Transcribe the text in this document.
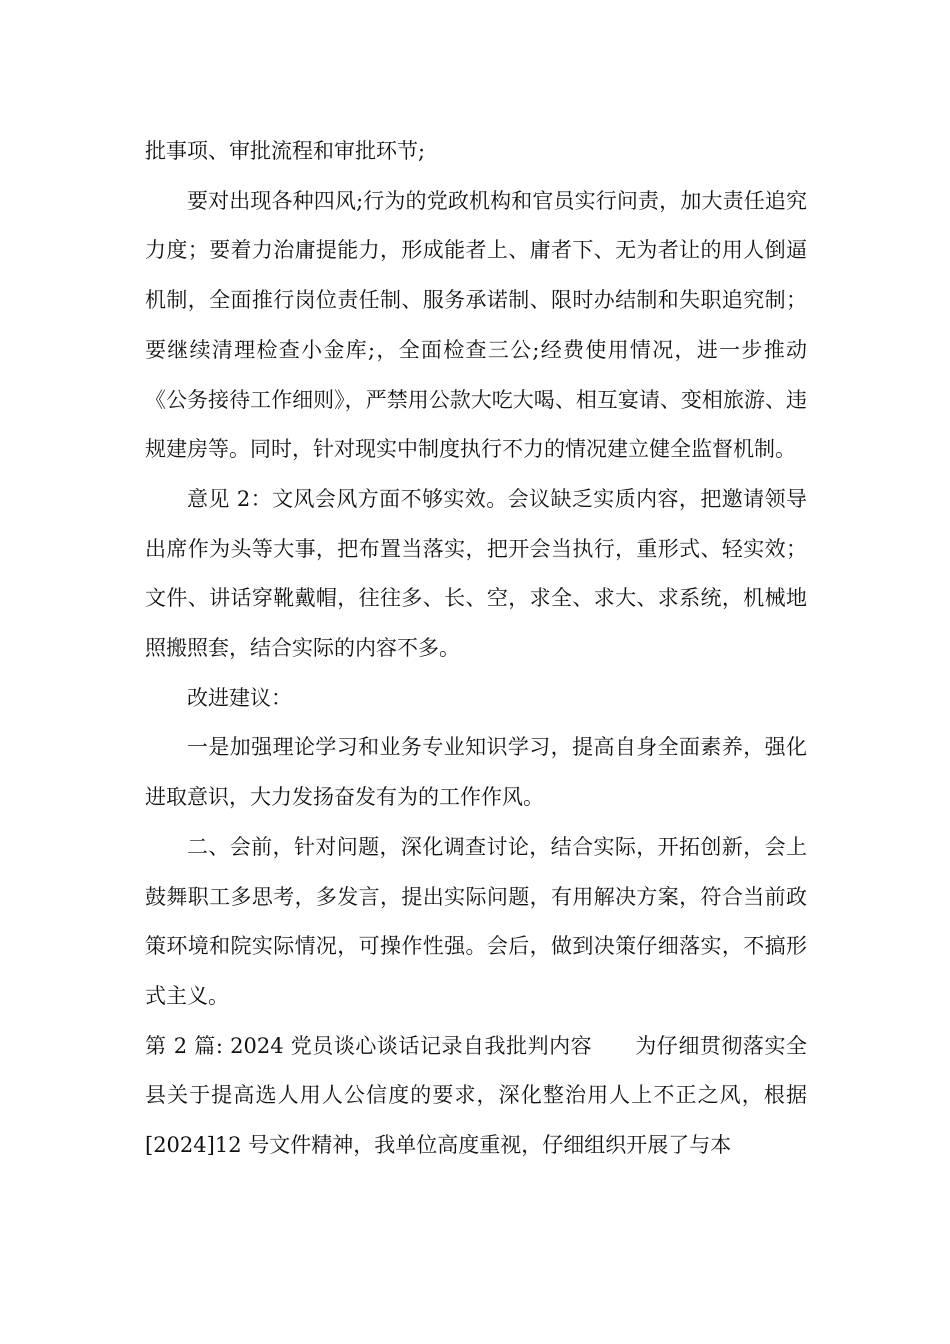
批事项、审批流程和审批环节;

要对出现各种四风;行为的党政机构和官员实行问责，加大责任追究力度；要着力治庸提能力，形成能者上、庸者下、无为者让的用人倒逼机制，全面推行岗位责任制、服务承诺制、限时办结制和失职追究制；要继续清理检查小金库;，全面检查三公;经费使用情况，进一步推动《公务接待工作细则》，严禁用公款大吃大喝、相互宴请、变相旅游、违规建房等。同时，针对现实中制度执行不力的情况建立健全监督机制。

意见 2：文风会风方面不够实效。会议缺乏实质内容，把邀请领导出席作为头等大事，把布置当落实，把开会当执行，重形式、轻实效；文件、讲话穿靴戴帽，往往多、长、空，求全、求大、求系统，机械地照搬照套，结合实际的内容不多。

改进建议：

一是加强理论学习和业务专业知识学习，提高自身全面素养，强化进取意识，大力发扬奋发有为的工作作风。

二、会前，针对问题，深化调查讨论，结合实际，开拓创新，会上鼓舞职工多思考，多发言，提出实际问题，有用解决方案，符合当前政策环境和院实际情况，可操作性强。会后，做到决策仔细落实，不搞形式主义。

第 2 篇: 2024 党员谈心谈话记录自我批判内容　　为仔细贯彻落实全县关于提高选人用人公信度的要求，深化整治用人上不正之风，根据[2024]12 号文件精神，我单位高度重视，仔细组织开展了与本
